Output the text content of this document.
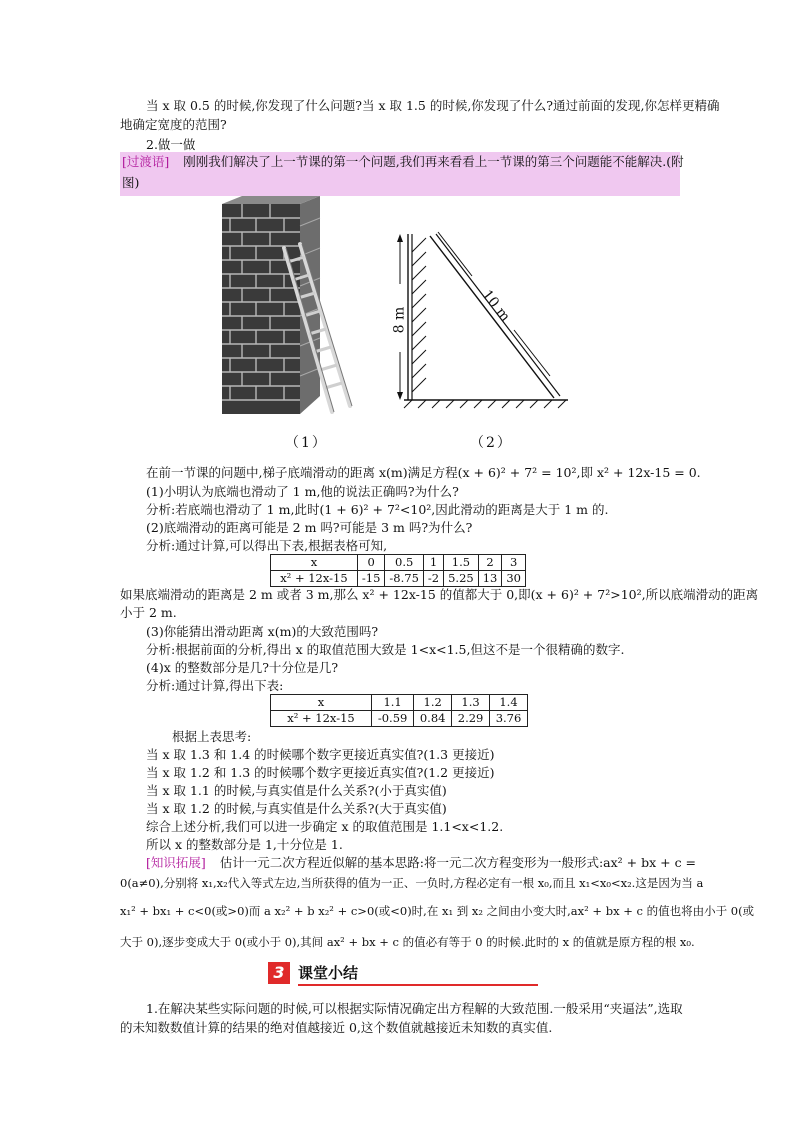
当 x 取 0.5 的时候,你发现了什么问题?当 x 取 1.5 的时候,你发现了什么?通过前面的发现,你怎样更精确
地确定宽度的范围?
2.做一做
[过渡语] 刚刚我们解决了上一节课的第一个问题,我们再来看看上一节课的第三个问题能不能解决.(附
图)
（1）
8 m	10 m
（2）
在前一节课的问题中,梯子底端滑动的距离 x(m)满足方程(x + 6)² + 7² = 10²,即 x² + 12x-15 = 0.
(1)小明认为底端也滑动了 1 m,他的说法正确吗?为什么?
分析:若底端也滑动了 1 m,此时(1 + 6)² + 7²<10²,因此滑动的距离是大于 1 m 的.
(2)底端滑动的距离可能是 2 m 吗?可能是 3 m 吗?为什么?
分析:通过计算,可以得出下表,根据表格可知,
x	0	0.5	1	1.5	2	3
x² + 12x-15	-15	-8.75	-2	5.25	13	30
如果底端滑动的距离是 2 m 或者 3 m,那么 x² + 12x-15 的值都大于 0,即(x + 6)² + 7²>10²,所以底端滑动的距离
小于 2 m.
(3)你能猜出滑动距离 x(m)的大致范围吗?
分析:根据前面的分析,得出 x 的取值范围大致是 1<x<1.5,但这不是一个很精确的数字.
(4)x 的整数部分是几?十分位是几?
分析:通过计算,得出下表:
x	1.1	1.2	1.3	1.4
x² + 12x-15	-0.59	0.84	2.29	3.76
根据上表思考:
当 x 取 1.3 和 1.4 的时候哪个数字更接近真实值?(1.3 更接近)
当 x 取 1.2 和 1.3 的时候哪个数字更接近真实值?(1.2 更接近)
当 x 取 1.1 的时候,与真实值是什么关系?(小于真实值)
当 x 取 1.2 的时候,与真实值是什么关系?(大于真实值)
综合上述分析,我们可以进一步确定 x 的取值范围是 1.1<x<1.2.
所以 x 的整数部分是 1,十分位是 1.
[知识拓展] 估计一元二次方程近似解的基本思路:将一元二次方程变形为一般形式:ax² + bx + c =
0(a≠0),分别将 x₁,x₂代入等式左边,当所获得的值为一正、一负时,方程必定有一根 x₀,而且 x₁<x₀<x₂.这是因为当 a
x₁² + bx₁ + c<0(或>0)而 a x₂² + b x₂² + c>0(或<0)时,在 x₁ 到 x₂ 之间由小变大时,ax² + bx + c 的值也将由小于 0(或
大于 0),逐步变成大于 0(或小于 0),其间 ax² + bx + c 的值必有等于 0 的时候.此时的 x 的值就是原方程的根 x₀.
3 课堂小结
1.在解决某些实际问题的时候,可以根据实际情况确定出方程解的大致范围.一般采用“夹逼法”,选取
的未知数数值计算的结果的绝对值越接近 0,这个数值就越接近未知数的真实值.
